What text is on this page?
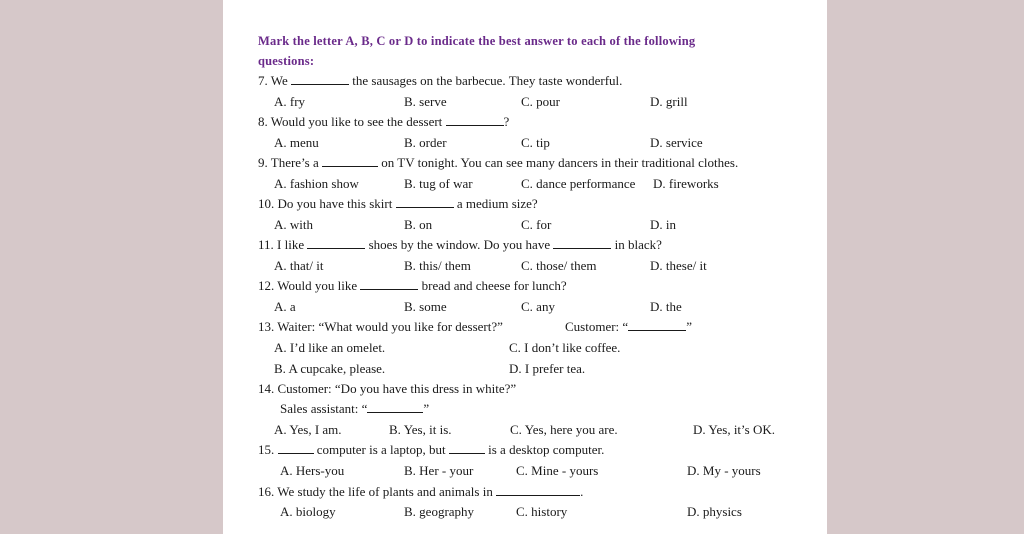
Mark the letter A, B, C or D to indicate the best answer to each of the following
questions:
7. We	the sausages on the barbecue. They taste wonderful.
A. fry	B. serve	C. pour	D. grill
8. Would you like to see the dessert	?
A. menu	B. order	C. tip	D. service
9. There’s a	on TV tonight. You can see many dancers in their traditional clothes.
A. fashion show	B. tug of war	C. dance performance D. fireworks
10. Do you have this skirt	a medium size?
A. with	B. on	C. for	D. in
11. I like	shoes by the window. Do you have	in black?
A. that/ it	B. this/ them	C. those/ them	D. these/ it
12. Would you like	bread and cheese for lunch?
A. a	B. some	C. any	D. the
13. Waiter: “What would you like for dessert?”	Customer: “	”
A. I’d like an omelet.	C. I don’t like coffee.
B. A cupcake, please.	D. I prefer tea.
14. Customer: “Do you have this dress in white?”
Sales assistant: “	”
A. Yes, I am.	B. Yes, it is.	C. Yes, here you are.	D. Yes, it’s OK.
15.	computer is a laptop, but	is a desktop computer.
A. Hers-you	B. Her - your	C. Mine - yours	D. My - yours
16. We study the life of plants and animals in	.
A. biology	B. geography	C. history	D. physics
